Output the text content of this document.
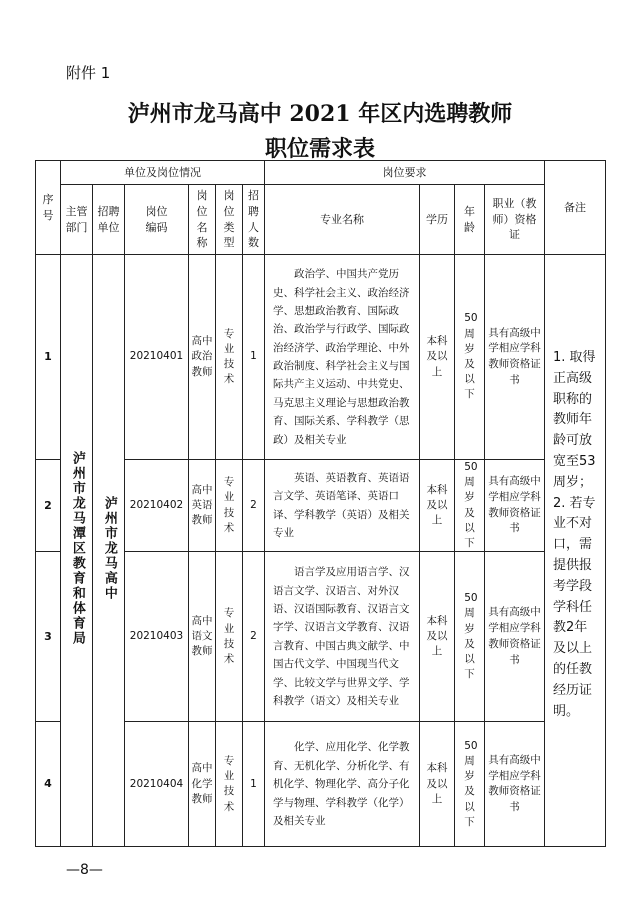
附件 1
泸州市龙马高中 2021 年区内选聘教师
职位需求表
序号	单位及岗位情况						岗位要求				备注

	主管部门	招聘单位	岗位编码	岗位名称	岗位类型	招聘人数	专业名称	学历	年龄	职业（教师）资格证	

1	泸州市龙马潭区教育和体育局	泸州市龙马高中	20210401	高中政治教师	专业技术	1	政治学、中国共产党历史、科学社会主义、政治经济学、思想政治教育、国际政治、政治学与行政学、国际政治经济学、政治学理论、中外政治制度、科学社会主义与国际共产主义运动、中共党史、马克思主义理论与思想政治教育、国际关系、学科教学（思政）及相关专业	本科及以上	50周岁及以下	具有高级中学相应学科教师资格证书	1. 取得正高级职称的教师年龄可放宽至53周岁；

2. 若专业不对口，需提供报考学段学科任教2年及以上的任教经历证明。

2			20210402	高中英语教师	专业技术	2	英语、英语教育、英语语言文学、英语笔译、英语口译、学科教学（英语）及相关专业	本科及以上	50周岁及以下	具有高级中学相应学科教师资格证书	

3			20210403	高中语文教师	专业技术	2	语言学及应用语言学、汉语言文学、汉语言、对外汉语、汉语国际教育、汉语言文字学、汉语言文学教育、汉语言教育、中国古典文献学、中国古代文学、中国现当代文学、比较文学与世界文学、学科教学（语文）及相关专业	本科及以上	50周岁及以下	具有高级中学相应学科教师资格证书	

4			20210404	高中化学教师	专业技术	1	化学、应用化学、化学教育、无机化学、分析化学、有机化学、物理化学、高分子化学与物理、学科教学（化学）及相关专业	本科及以上	50周岁及以下	具有高级中学相应学科教师资格证书	
—8—
